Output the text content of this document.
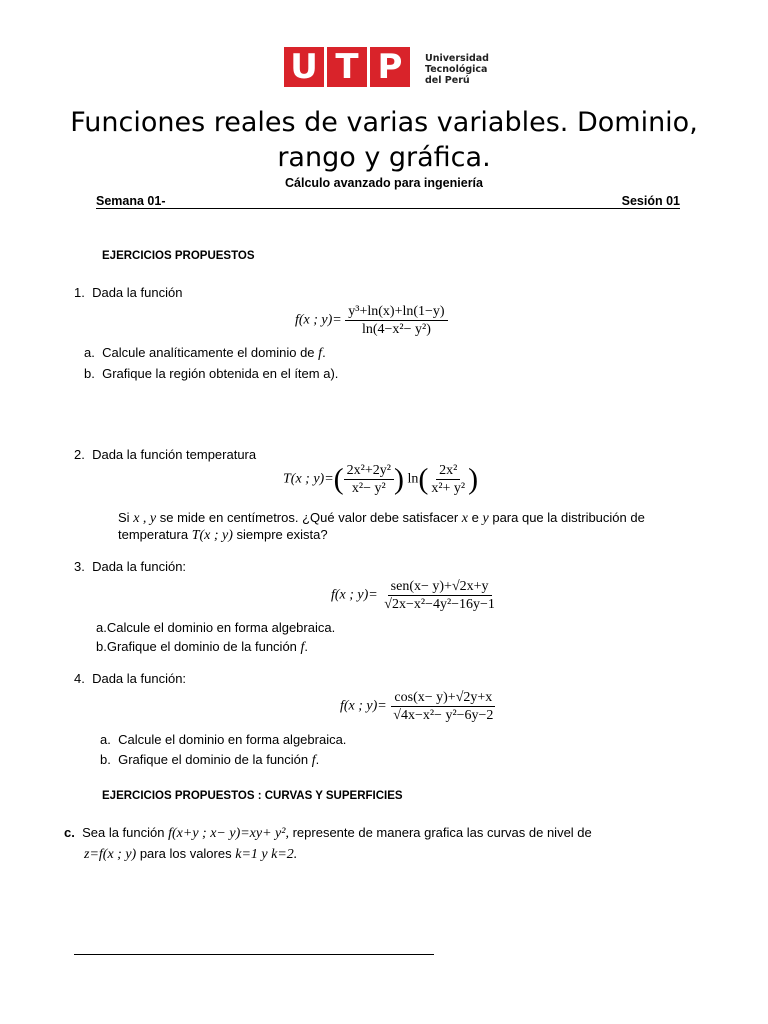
U T P	Universidad
Tecnológica
del Perú
Funciones reales de varias variables. Dominio,
rango y gráfica.
Cálculo avanzado para ingeniería
Semana 01-	Sesión 01
EJERCICIOS PROPUESTOS
1. Dada la función
f(x ; $y)= \frac{\text{y³+ln(x)+ln(1−y)}}{\text{ln(4−x²− y²)}}$
a. Calcule analíticamente el dominio de f.
b. Grafique la región obtenida en el ítem a).
2. Dada la función temperatura
T(x ; $y)=( \frac{\text{2x²+2y²}}{\text{x²− y²}}$ ) $\ln( \frac{\text{2x²}}{\text{x²+ y²}}$ )
Si x , y se mide en centímetros. ¿Qué valor debe satisfacer x e y para que la distribución de
temperatura T(x ; y) siempre exista?
3. Dada la función:
f(x ; $y)= \frac{\text{sen(x− y)+√2x+y}}{\text{√2x−x²−4y²−16y−1}}$
a.Calcule el dominio en forma algebraica.
b.Grafique el dominio de la función f.
4. Dada la función:
f(x ; $y)= \frac{\cos(x- y)+√2y+x}{\text{√4x−x²− y²−6y−2}}$
a. Calcule el dominio en forma algebraica.
b. Grafique el dominio de la función f.
EJERCICIOS PROPUESTOS : CURVAS Y SUPERFICIES
c. Sea la función f(x+y ; x− y)=xy+ y², represente de manera grafica las curvas de nivel de
z=f(x ; y) para los valores k=1 y k=2.
